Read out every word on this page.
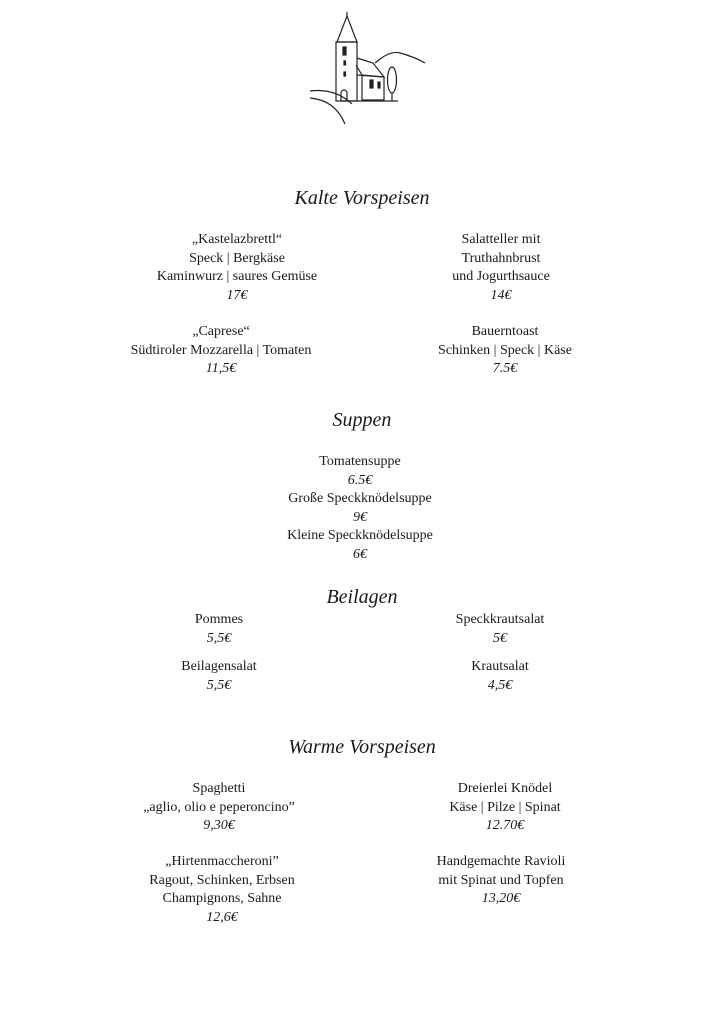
Kalte Vorspeisen
„Kastelazbrettl“
Speck | Bergkäse
Kaminwurz | saures Gemüse
17€
Salatteller mit
Truthahnbrust
und Jogurthsauce
14€
„Caprese“
Südtiroler Mozzarella | Tomaten
11,5€
Bauerntoast
Schinken | Speck | Käse
7.5€
Suppen
Tomatensuppe
6.5€
Große Speckknödelsuppe
9€
Kleine Speckknödelsuppe
6€
Beilagen
Pommes
5,5€
Speckkrautsalat
5€
Beilagensalat
5,5€
Krautsalat
4,5€
Warme Vorspeisen
Spaghetti
„aglio, olio e peperoncino”
9,30€
Dreierlei Knödel
Käse | Pilze | Spinat
12.70€
„Hirtenmaccheroni”
Ragout, Schinken, Erbsen
Champignons, Sahne
12,6€
Handgemachte Ravioli
mit Spinat und Topfen
13,20€
